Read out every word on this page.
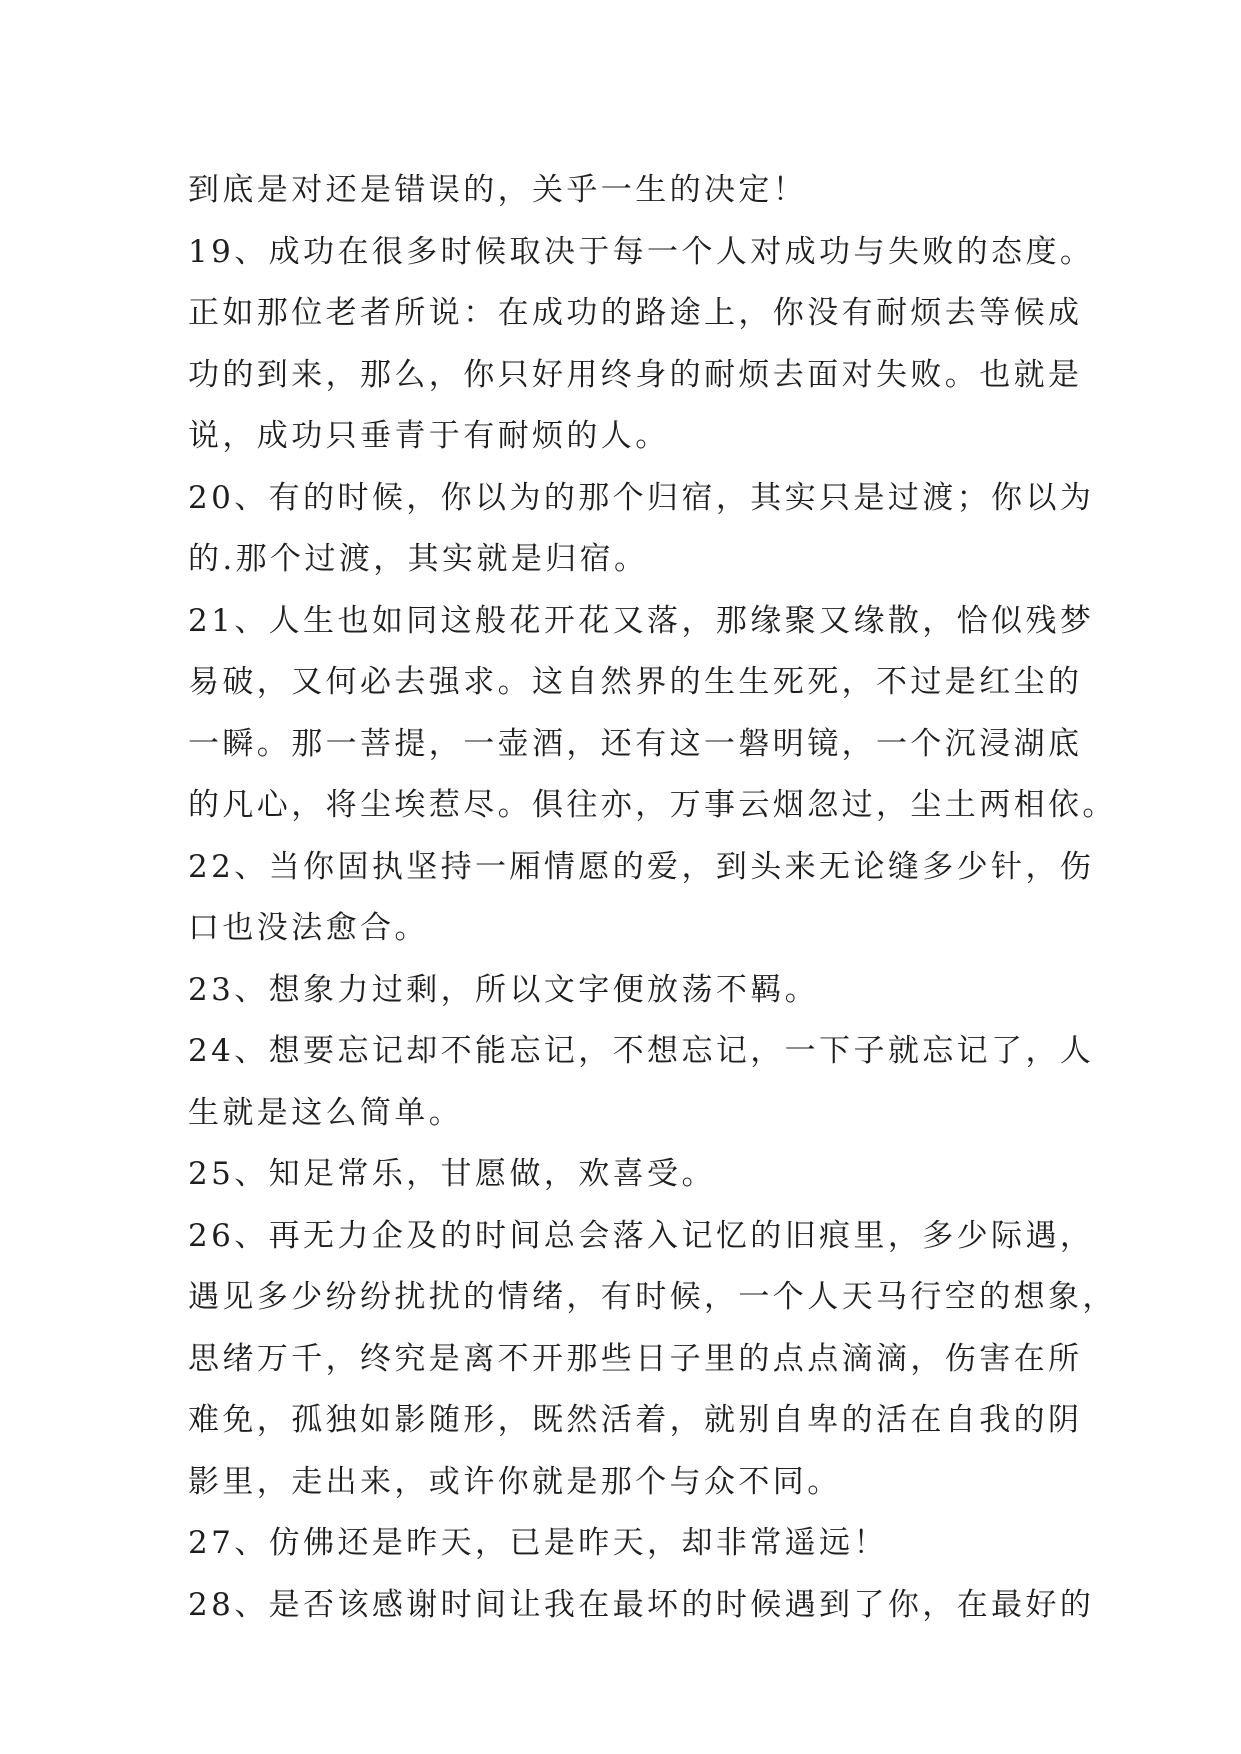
到底是对还是错误的，关乎一生的决定！
19、成功在很多时候取决于每一个人对成功与失败的态度。
正如那位老者所说：在成功的路途上，你没有耐烦去等候成
功的到来，那么，你只好用终身的耐烦去面对失败。也就是
说，成功只垂青于有耐烦的人。
20、有的时候，你以为的那个归宿，其实只是过渡；你以为
的.那个过渡，其实就是归宿。
21、人生也如同这般花开花又落，那缘聚又缘散，恰似残梦
易破，又何必去强求。这自然界的生生死死，不过是红尘的
一瞬。那一菩提，一壶酒，还有这一磐明镜，一个沉浸湖底
的凡心，将尘埃惹尽。俱往亦，万事云烟忽过，尘土两相依。
22、当你固执坚持一厢情愿的爱，到头来无论缝多少针，伤
口也没法愈合。
23、想象力过剩，所以文字便放荡不羁。
24、想要忘记却不能忘记，不想忘记，一下子就忘记了，人
生就是这么简单。
25、知足常乐，甘愿做，欢喜受。
26、再无力企及的时间总会落入记忆的旧痕里，多少际遇，
遇见多少纷纷扰扰的情绪，有时候，一个人天马行空的想象，
思绪万千，终究是离不开那些日子里的点点滴滴，伤害在所
难免，孤独如影随形，既然活着，就别自卑的活在自我的阴
影里，走出来，或许你就是那个与众不同。
27、仿佛还是昨天，已是昨天，却非常遥远！
28、是否该感谢时间让我在最坏的时候遇到了你，在最好的
